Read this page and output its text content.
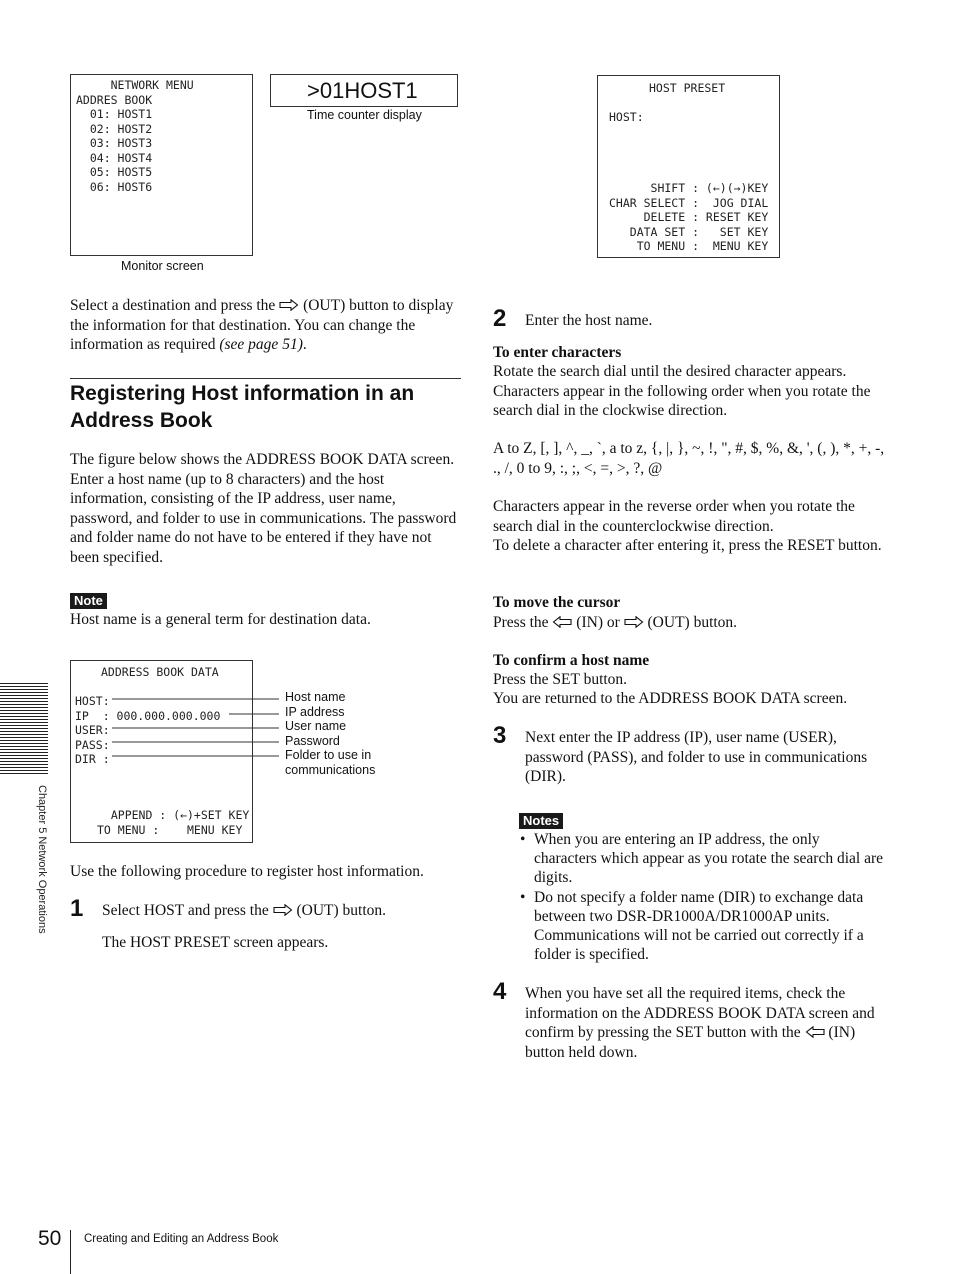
NETWORK MENU
ADDRES BOOK
01: HOST1
02: HOST2
03: HOST3
04: HOST4
05: HOST5
06: HOST6
Monitor screen
>01HOST1
Time counter display
HOST PRESET
HOST:
SHIFT : (←)(→)KEY
CHAR SELECT :  JOG DIAL
DELETE : RESET KEY
DATA SET :   SET KEY
TO MENU :  MENU KEY
Select a destination and press the (OUT) button to display the information for that destination. You can change the information as required (see page 51).
Registering Host information in an Address Book
The figure below shows the ADDRESS BOOK DATA screen. Enter a host name (up to 8 characters) and the host information, consisting of the IP address, user name, password, and folder to use in communications. The password and folder name do not have to be entered if they have not been specified.
Note
Host name is a general term for destination data.
ADDRESS BOOK DATA
HOST:
IP  : 000.000.000.000
USER:
PASS:
DIR :
APPEND : (←)+SET KEY
TO MENU :    MENU KEY
Host name
IP address
User name
Password
Folder to use in
communications
Use the following procedure to register host information.
1 Select HOST and press the (OUT) button.
The HOST PRESET screen appears.
2 Enter the host name.
To enter characters
Rotate the search dial until the desired character appears. Characters appear in the following order when you rotate the search dial in the clockwise direction.
A to Z, [, ], ^, _, `, a to z, {, |, }, ~, !, ", #, $, %, &, ', (, ), *, +, -, ., /, 0 to 9, :, ;, <, =, >, ?, @
Characters appear in the reverse order when you rotate the search dial in the counterclockwise direction.
To delete a character after entering it, press the RESET button.
To move the cursor
Press the (IN) or (OUT) button.
To confirm a host name
Press the SET button.
You are returned to the ADDRESS BOOK DATA screen.
3 Next enter the IP address (IP), user name (USER), password (PASS), and folder to use in communications (DIR).
Notes
• When you are entering an IP address, the only characters which appear as you rotate the search dial are digits.
• Do not specify a folder name (DIR) to exchange data between two DSR-DR1000A/DR1000AP units. Communications will not be carried out correctly if a folder is specified.
4 When you have set all the required items, check the information on the ADDRESS BOOK DATA screen and confirm by pressing the SET button with the (IN) button held down.
Chapter 5 Network Operations
50 Creating and Editing an Address Book
